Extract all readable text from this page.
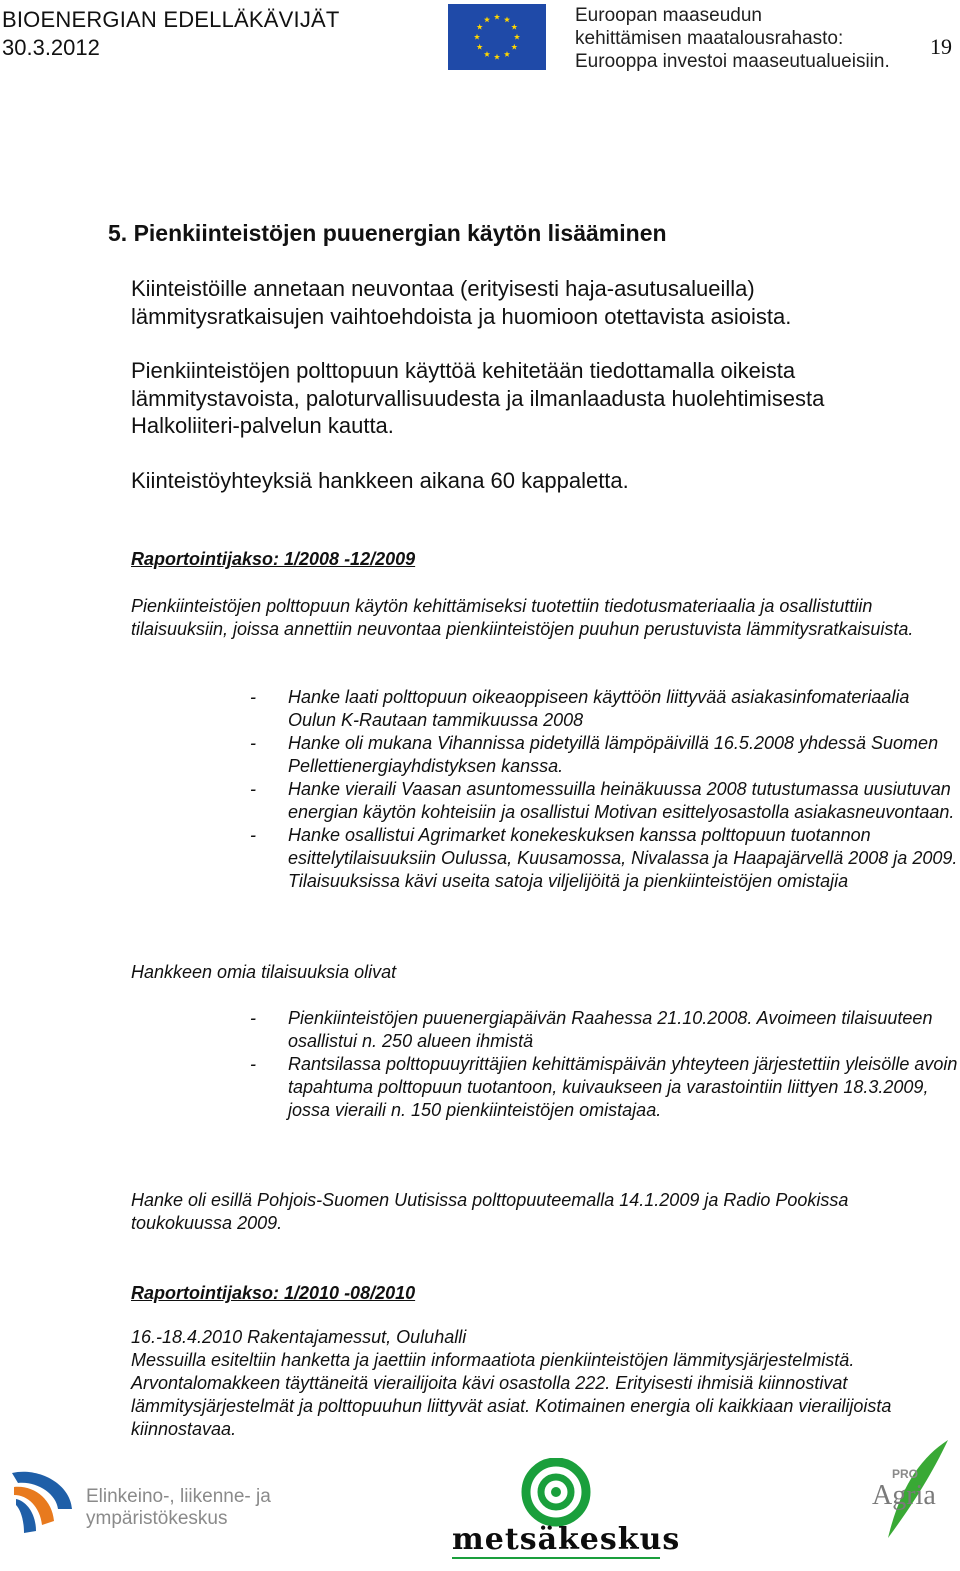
BIOENERGIAN EDELLÄKÄVIJÄT
30.3.2012	19
Euroopan maaseudun
kehittämisen maatalousrahasto:
Eurooppa investoi maaseutualueisiin.
5. Pienkiinteistöjen puuenergian käytön lisääminen
Kiinteistöille annetaan neuvontaa (erityisesti haja-asutusalueilla) lämmitysratkaisujen vaihtoehdoista ja huomioon otettavista asioista.
Pienkiinteistöjen polttopuun käyttöä kehitetään tiedottamalla oikeista lämmitystavoista, paloturvallisuudesta ja ilmanlaadusta huolehtimisesta Halkoliiteri-palvelun kautta.
Kiinteistöyhteyksiä hankkeen aikana 60 kappaletta.
Raportointijakso: 1/2008 -12/2009
Pienkiinteistöjen polttopuun käytön kehittämiseksi tuotettiin tiedotusmateriaalia ja osallistuttiin tilaisuuksiin, joissa annettiin neuvontaa pienkiinteistöjen puuhun perustuvista lämmitysratkaisuista.
- Hanke laati polttopuun oikeaoppiseen käyttöön liittyvää asiakasinfomateriaalia Oulun K-Rautaan tammikuussa 2008
- Hanke oli mukana Vihannissa pidetyillä lämpöpäivillä 16.5.2008 yhdessä Suomen Pellettienergiayhdistyksen kanssa.
- Hanke vieraili Vaasan asuntomessuilla heinäkuussa 2008 tutustumassa uusiutuvan energian käytön kohteisiin ja osallistui Motivan esittelyosastolla asiakasneuvontaan.
- Hanke osallistui Agrimarket konekeskuksen kanssa polttopuun tuotannon esittelytilaisuuksiin Oulussa, Kuusamossa, Nivalassa ja Haapajärvellä 2008 ja 2009. Tilaisuuksissa kävi useita satoja viljelijöitä ja pienkiinteistöjen omistajia
Hankkeen omia tilaisuuksia olivat
- Pienkiinteistöjen puuenergiapäivän Raahessa 21.10.2008. Avoimeen tilaisuuteen osallistui n. 250 alueen ihmistä
- Rantsilassa polttopuuyrittäjien kehittämispäivän yhteyteen järjestettiin yleisölle avoin tapahtuma polttopuun tuotantoon, kuivaukseen ja varastointiin liittyen 18.3.2009, jossa vieraili n. 150 pienkiinteistöjen omistajaa.
Hanke oli esillä Pohjois-Suomen Uutisissa polttopuuteemalla 14.1.2009 ja Radio Pookissa toukokuussa 2009.
Raportointijakso: 1/2010 -08/2010
16.-18.4.2010 Rakentajamessut, Ouluhalli
Messuilla esiteltiin hanketta ja jaettiin informaatiota pienkiinteistöjen lämmitysjärjestelmistä. Arvontalomakkeen täyttäneitä vierailijoita kävi osastolla 222. Erityisesti ihmisiä kiinnostivat lämmitysjärjestelmät ja polttopuuhun liittyvät asiat. Kotimainen energia oli kaikkiaan vierailijoista kiinnostavaa.
Elinkeino-, liikenne- ja
ympäristökeskus
metsäkeskus
PRO
Agria
